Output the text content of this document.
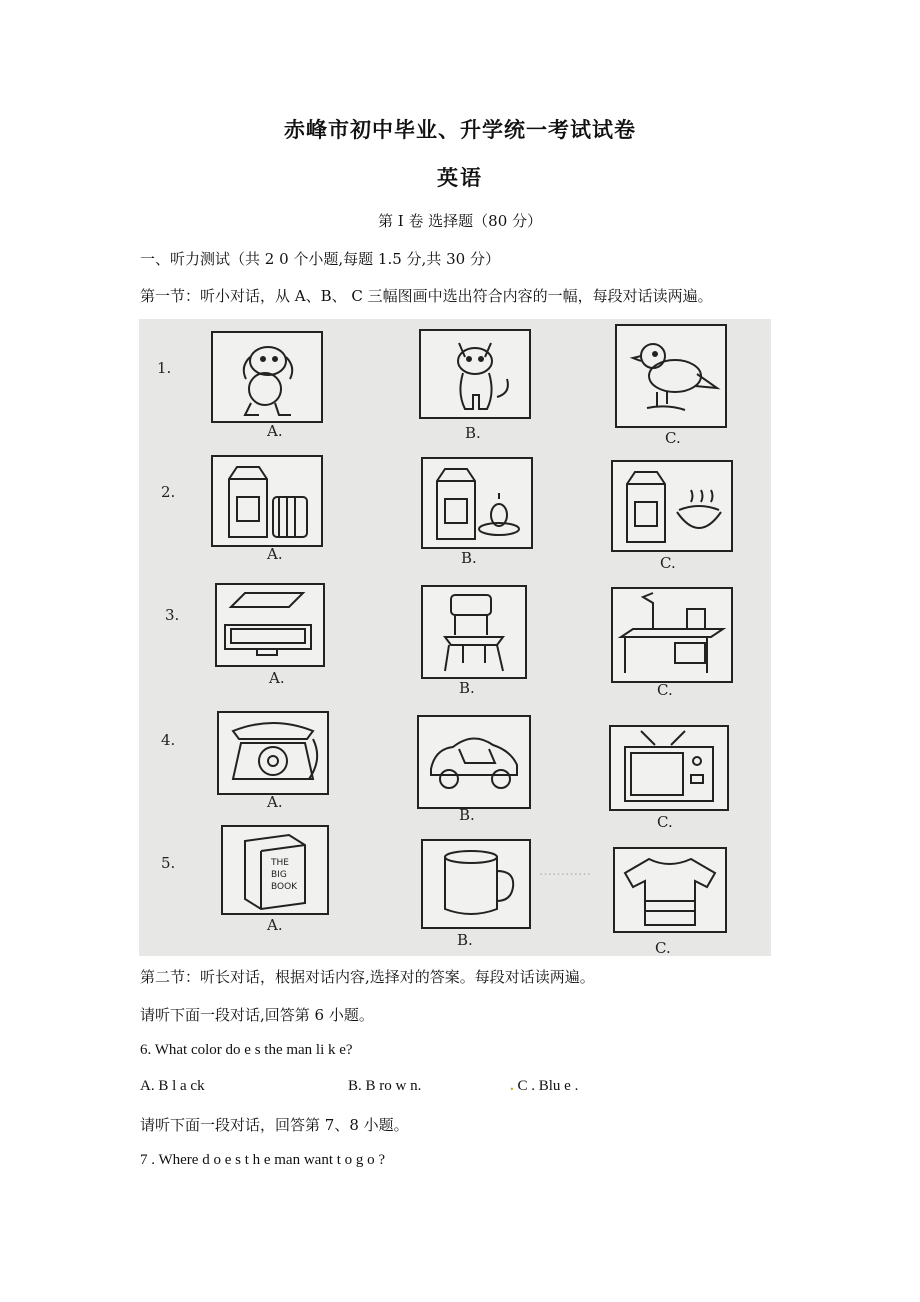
赤峰市初中毕业、升学统一考试试卷
英语
第 I 卷 选择题（80 分）
一、听力测试（共 2 0 个小题,每题 1.5 分,共 30 分）
第一节：听小对话，从 A、B、 C 三幅图画中选出符合内容的一幅，每段对话读两遍。
…………
1.
A.	B.	C.
2.
A.	B.	C.
3.
A.
B.	C.
4.
A.
B.	C.
5.	THE
BIG
BOOK
A.
B.	C.
第二节：听长对话，根据对话内容,选择对的答案。每段对话读两遍。
请听下面一段对话,回答第 6 小题。
6. What color do e s the man li k e?
A. B l a ck	B. B ro w n.	. C . Blu e .
请听下面一段对话，回答第 7、8 小题。
7 . Where d o e s t h e man want t o g o ?
